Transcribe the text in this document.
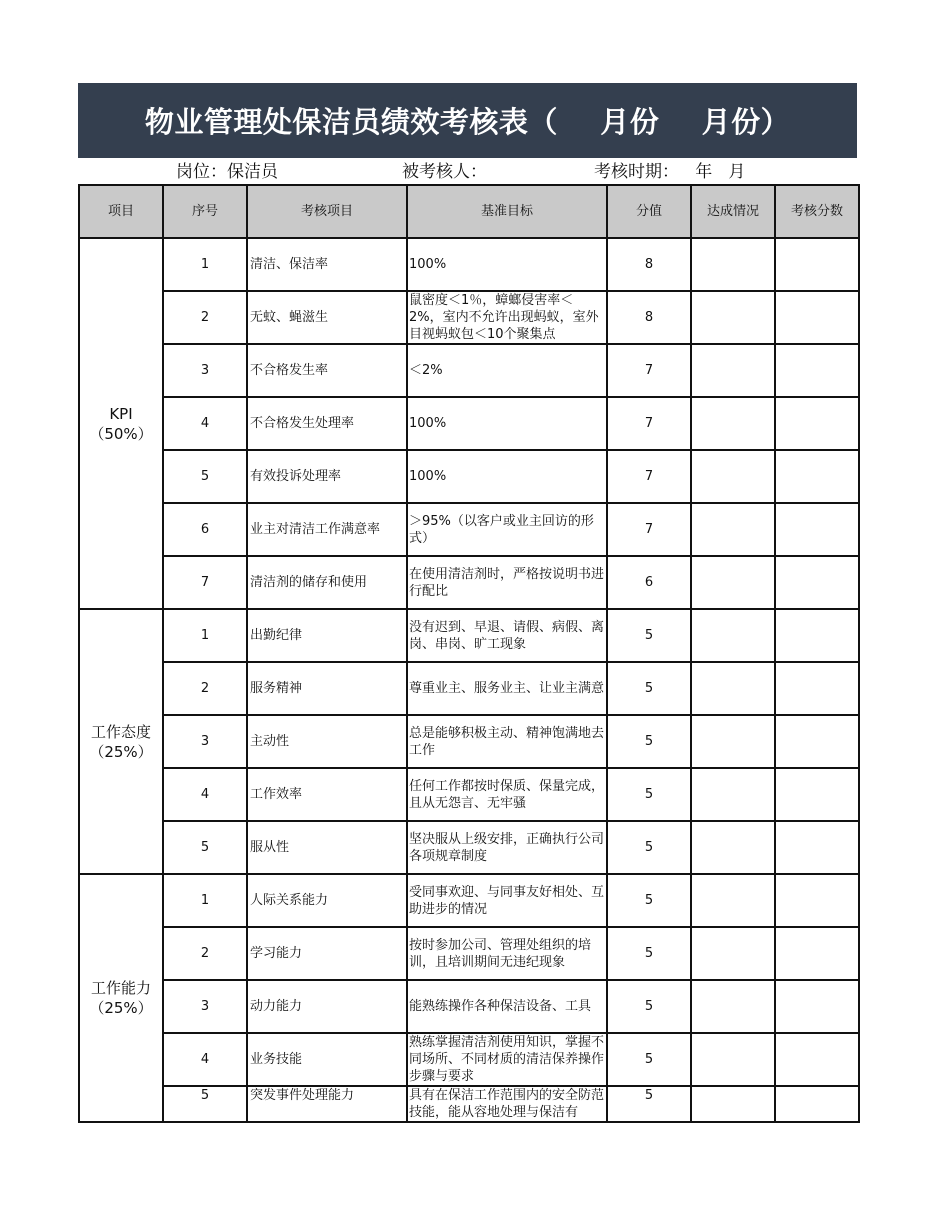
物业管理处保洁员绩效考核表（    月份    月份）
岗位：保洁员	被考核人：	考核时期：   年   月
项目	序号	考核项目	基准目标	分值	达成情况	考核分数
KPI
（50%）	1	清洁、保洁率	100%	8		
	2	无蚊、蝇滋生	鼠密度＜1％，蟑螂侵害率＜2%，室内不允许出现蚂蚁，室外目视蚂蚁包＜10个聚集点	8		
	3	不合格发生率	＜2%	7		
	4	不合格发生处理率	100%	7		
	5	有效投诉处理率	100%	7		
	6	业主对清洁工作满意率	＞95%（以客户或业主回访的形式）	7		
	7	清洁剂的储存和使用	在使用清洁剂时，严格按说明书进行配比	6		
工作态度
（25%）	1	出勤纪律	没有迟到、早退、请假、病假、离岗、串岗、旷工现象	5		
	2	服务精神	尊重业主、服务业主、让业主满意	5		
	3	主动性	总是能够积极主动、精神饱满地去工作	5		
	4	工作效率	任何工作都按时保质、保量完成，且从无怨言、无牢骚	5		
	5	服从性	坚决服从上级安排，正确执行公司各项规章制度	5		
工作能力
（25%）	1	人际关系能力	受同事欢迎、与同事友好相处、互助进步的情况	5		
	2	学习能力	按时参加公司、管理处组织的培训，且培训期间无违纪现象	5		
	3	动力能力	能熟练操作各种保洁设备、工具	5		
	4	业务技能	熟练掌握清洁剂使用知识，掌握不同场所、不同材质的清洁保养操作步骤与要求	5		
	5	突发事件处理能力	具有在保洁工作范围内的安全防范技能，能从容地处理与保洁有	5		
